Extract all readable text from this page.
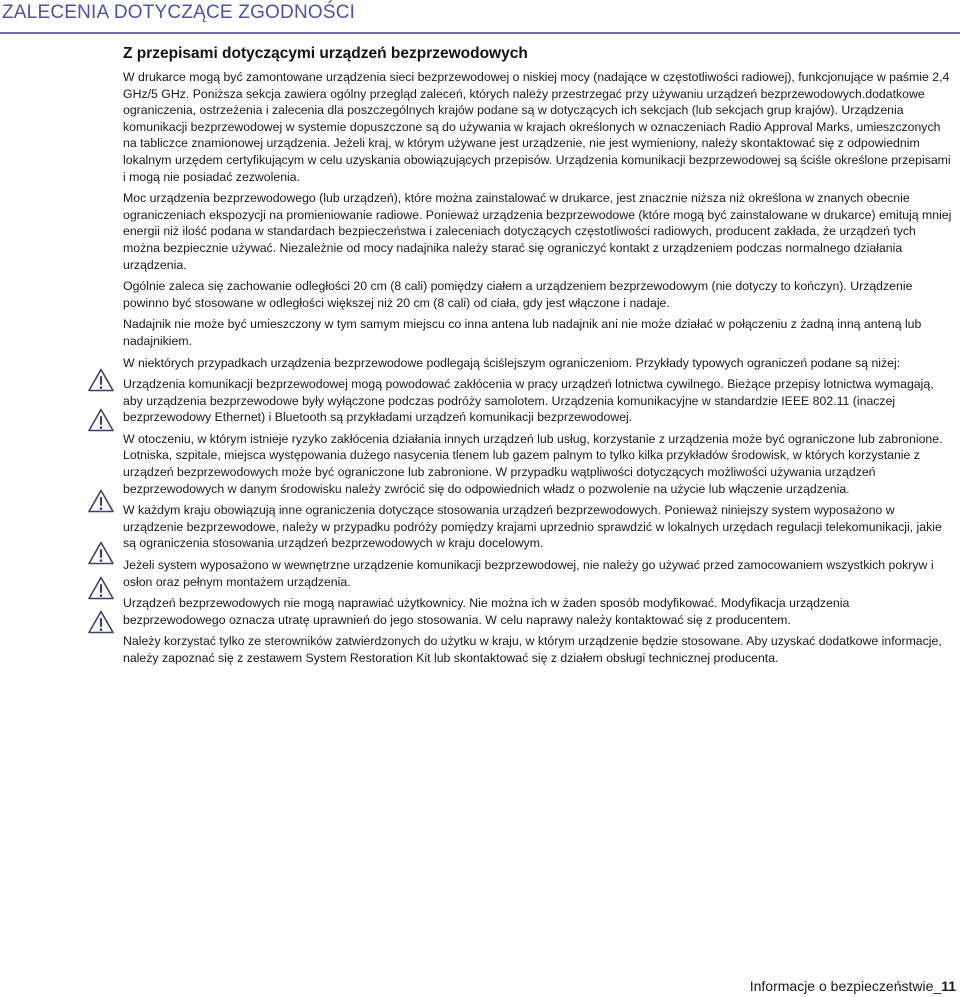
ZALECENIA DOTYCZĄCE ZGODNOŚCI
Z przepisami dotyczącymi urządzeń bezprzewodowych

W drukarce mogą być zamontowane urządzenia sieci bezprzewodowej o niskiej mocy (nadające w częstotliwości radiowej), funkcjonujące w paśmie 2,4 GHz/5 GHz. Poniższa sekcja zawiera ogólny przegląd zaleceń, których należy przestrzegać przy używaniu urządzeń bezprzewodowych.dodatkowe ograniczenia, ostrzeżenia i zalecenia dla poszczególnych krajów podane są w dotyczących ich sekcjach (lub sekcjach grup krajów). Urządzenia komunikacji bezprzewodowej w systemie dopuszczone są do używania w krajach określonych w oznaczeniach Radio Approval Marks, umieszczonych na tabliczce znamionowej urządzenia. Jeżeli kraj, w którym używane jest urządzenie, nie jest wymieniony, należy skontaktować się z odpowiednim lokalnym urzędem certyfikującym w celu uzyskania obowiązujących przepisów. Urządzenia komunikacji bezprzewodowej są ściśle określone przepisami i mogą nie posiadać zezwolenia.

Moc urządzenia bezprzewodowego (lub urządzeń), które można zainstalować w drukarce, jest znacznie niższa niż określona w znanych obecnie ograniczeniach ekspozycji na promieniowanie radiowe. Ponieważ urządzenia bezprzewodowe (które mogą być zainstalowane w drukarce) emitują mniej energii niż ilość podana w standardach bezpieczeństwa i zaleceniach dotyczących częstotliwości radiowych, producent zakłada, że urządzeń tych można bezpiecznie używać. Niezależnie od mocy nadajnika należy starać się ograniczyć kontakt z urządzeniem podczas normalnego działania urządzenia.

Ogólnie zaleca się zachowanie odległości 20 cm (8 cali) pomiędzy ciałem a urządzeniem bezprzewodowym (nie dotyczy to kończyn). Urządzenie powinno być stosowane w odległości większej niż 20 cm (8 cali) od ciała, gdy jest włączone i nadaje.

Nadajnik nie może być umieszczony w tym samym miejscu co inna antena lub nadajnik ani nie może działać w połączeniu z żadną inną anteną lub nadajnikiem.

W niektórych przypadkach urządzenia bezprzewodowe podlegają ściślejszym ograniczeniom. Przykłady typowych ograniczeń podane są niżej:

Urządzenia komunikacji bezprzewodowej mogą powodować zakłócenia w pracy urządzeń lotnictwa cywilnego. Bieżące przepisy lotnictwa wymagają, aby urządzenia bezprzewodowe były wyłączone podczas podróży samolotem. Urządzenia komunikacyjne w standardzie IEEE 802.11 (inaczej bezprzewodowy Ethernet) i Bluetooth są przykładami urządzeń komunikacji bezprzewodowej.

W otoczeniu, w którym istnieje ryzyko zakłócenia działania innych urządzeń lub usług, korzystanie z urządzenia może być ograniczone lub zabronione. Lotniska, szpitale, miejsca występowania dużego nasycenia tlenem lub gazem palnym to tylko kilka przykładów środowisk, w których korzystanie z urządzeń bezprzewodowych może być ograniczone lub zabronione. W przypadku wątpliwości dotyczących możliwości używania urządzeń bezprzewodowych w danym środowisku należy zwrócić się do odpowiednich władz o pozwolenie na użycie lub włączenie urządzenia.

W każdym kraju obowiązują inne ograniczenia dotyczące stosowania urządzeń bezprzewodowych. Ponieważ niniejszy system wyposażono w urządzenie bezprzewodowe, należy w przypadku podróży pomiędzy krajami uprzednio sprawdzić w lokalnych urzędach regulacji telekomunikacji, jakie są ograniczenia stosowania urządzeń bezprzewodowych w kraju docelowym.

Jeżeli system wyposażono w wewnętrzne urządzenie komunikacji bezprzewodowej, nie należy go używać przed zamocowaniem wszystkich pokryw i osłon oraz pełnym montażem urządzenia.

Urządzeń bezprzewodowych nie mogą naprawiać użytkownicy. Nie można ich w żaden sposób modyfikować. Modyfikacja urządzenia bezprzewodowego oznacza utratę uprawnień do jego stosowania. W celu naprawy należy kontaktować się z producentem.

Należy korzystać tylko ze sterowników zatwierdzonych do użytku w kraju, w którym urządzenie będzie stosowane. Aby uzyskać dodatkowe informacje, należy zapoznać się z zestawem System Restoration Kit lub skontaktować się z działem obsługi technicznej producenta.

Informacje o bezpieczeństwie_11
